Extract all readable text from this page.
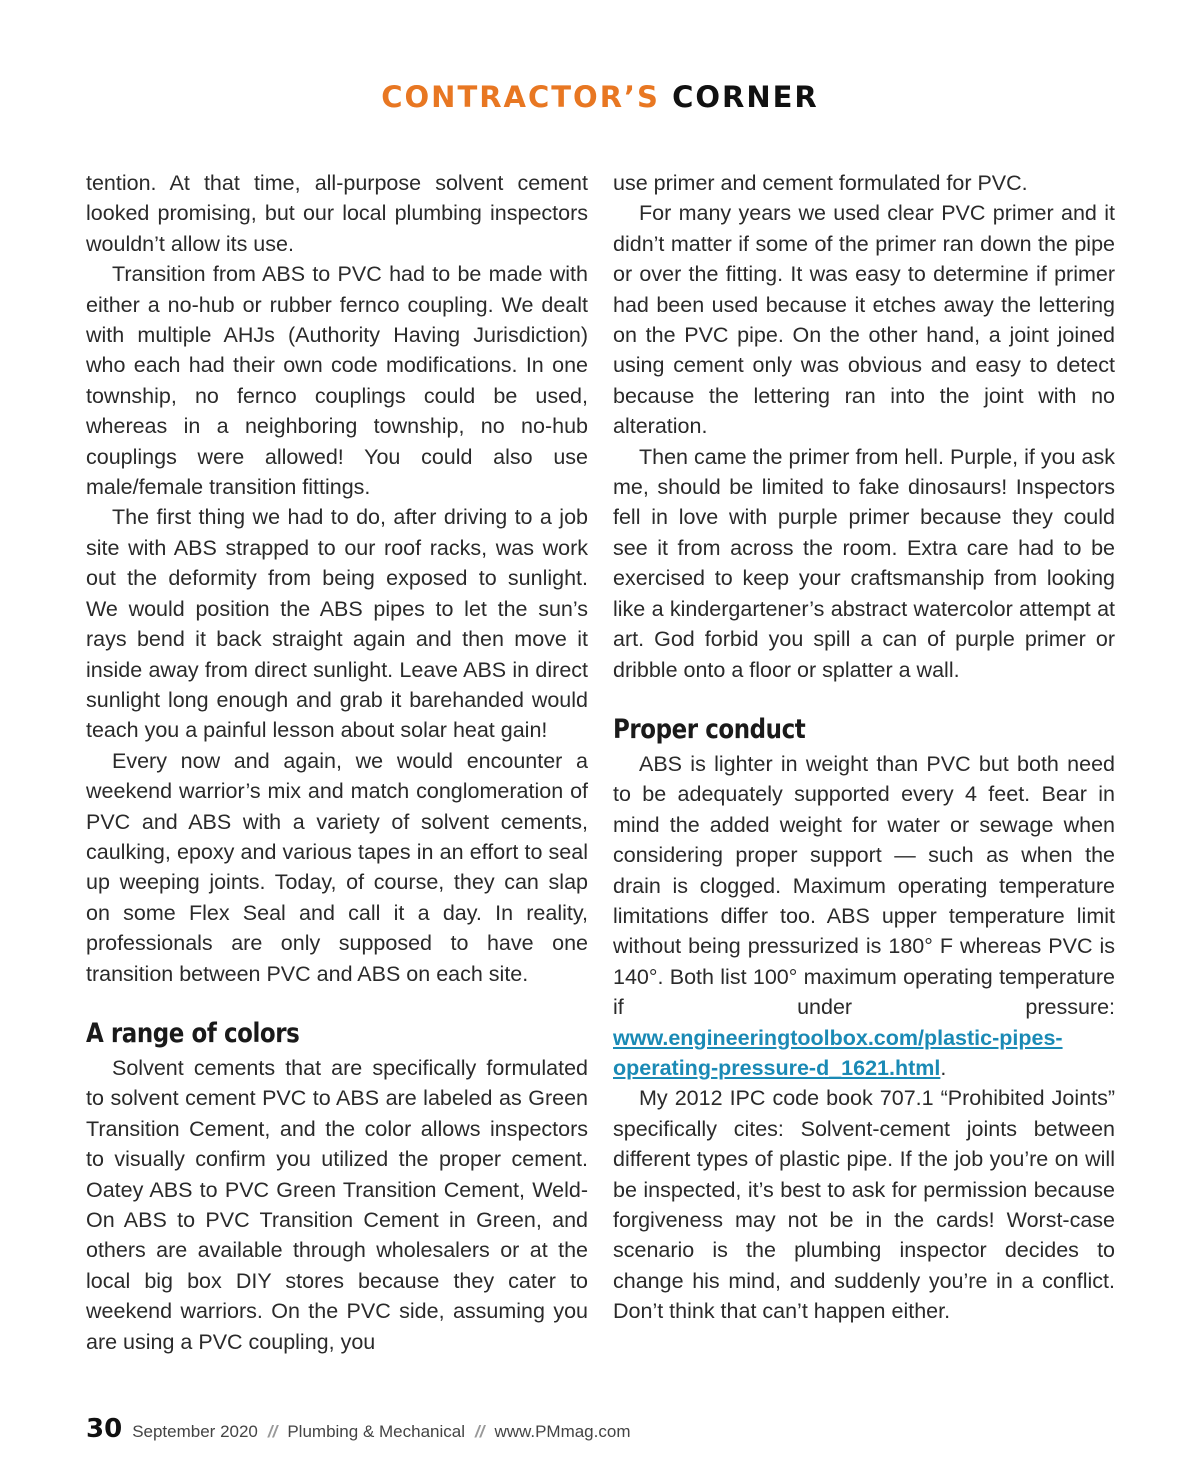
CONTRACTOR’S CORNER

tention. At that time, all-purpose solvent cement looked promising, but our local plumbing inspectors wouldn’t allow its use.

Transition from ABS to PVC had to be made with either a no-hub or rubber fernco coupling. We dealt with multiple AHJs (Authority Having Jurisdiction) who each had their own code modifications. In one township, no fernco couplings could be used, whereas in a neighboring township, no no-hub couplings were allowed! You could also use male/female transition fittings.

The first thing we had to do, after driving to a job site with ABS strapped to our roof racks, was work out the deformity from being exposed to sunlight. We would position the ABS pipes to let the sun’s rays bend it back straight again and then move it inside away from direct sunlight. Leave ABS in direct sunlight long enough and grab it barehanded would teach you a painful lesson about solar heat gain!

Every now and again, we would encounter a weekend warrior’s mix and match conglomeration of PVC and ABS with a variety of solvent cements, caulking, epoxy and various tapes in an effort to seal up weeping joints. Today, of course, they can slap on some Flex Seal and call it a day. In reality, professionals are only supposed to have one transition between PVC and ABS on each site.

A range of colors

Solvent cements that are specifically formulated to solvent cement PVC to ABS are labeled as Green Transition Cement, and the color allows inspectors to visually confirm you utilized the proper cement. Oatey ABS to PVC Green Transition Cement, Weld-On ABS to PVC Transition Cement in Green, and others are available through wholesalers or at the local big box DIY stores because they cater to weekend warriors. On the PVC side, assuming you are using a PVC coupling, you

use primer and cement formulated for PVC.

For many years we used clear PVC primer and it didn’t matter if some of the primer ran down the pipe or over the fitting. It was easy to determine if primer had been used because it etches away the lettering on the PVC pipe. On the other hand, a joint joined using cement only was obvious and easy to detect because the lettering ran into the joint with no alteration.

Then came the primer from hell. Purple, if you ask me, should be limited to fake dinosaurs! Inspectors fell in love with purple primer because they could see it from across the room. Extra care had to be exercised to keep your craftsmanship from looking like a kindergartener’s abstract watercolor attempt at art. God forbid you spill a can of purple primer or dribble onto a floor or splatter a wall.

Proper conduct

ABS is lighter in weight than PVC but both need to be adequately supported every 4 feet. Bear in mind the added weight for water or sewage when considering proper support — such as when the drain is clogged. Maximum operating temperature limitations differ too. ABS upper temperature limit without being pressurized is 180° F whereas PVC is 140°. Both list 100° maximum operating temperature if under pressure: www.engineeringtoolbox.com/plastic-pipes-operating-pressure-d_1621.html.

My 2012 IPC code book 707.1 “Prohibited Joints” specifically cites: Solvent-cement joints between different types of plastic pipe. If the job you’re on will be inspected, it’s best to ask for permission because forgiveness may not be in the cards! Worst-case scenario is the plumbing inspector decides to change his mind, and suddenly you’re in a conflict. Don’t think that can’t happen either.

30 September 2020 // Plumbing & Mechanical // www.PMmag.com
